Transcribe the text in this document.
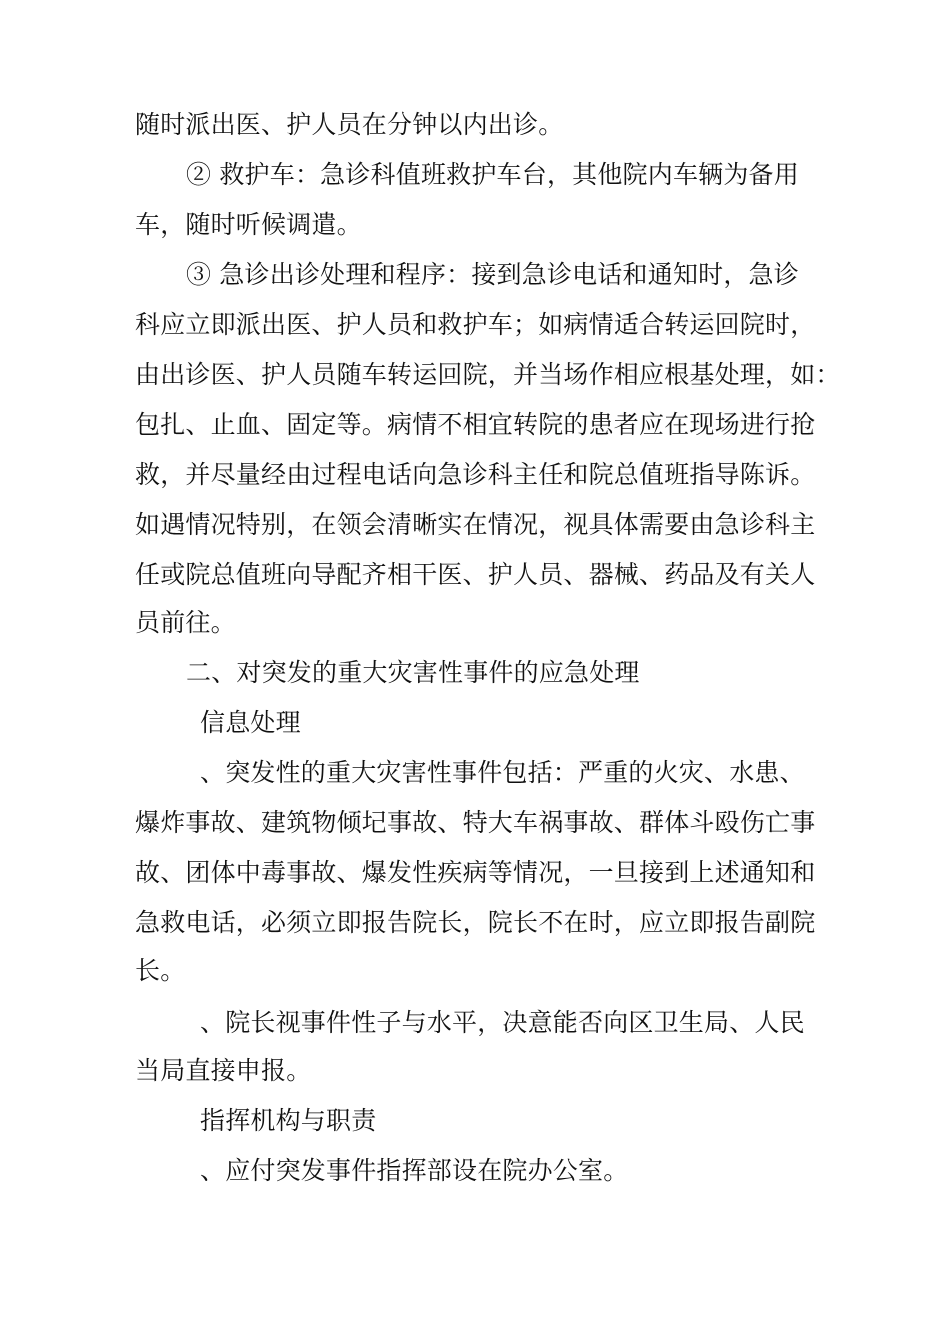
随时派出医、护人员在分钟以内出诊。
② 救护车：急诊科值班救护车台，其他院内车辆为备用
车，随时听候调遣。
③ 急诊出诊处理和程序：接到急诊电话和通知时，急诊
科应立即派出医、护人员和救护车；如病情适合转运回院时，
由出诊医、护人员随车转运回院，并当场作相应根基处理，如：
包扎、止血、固定等。病情不相宜转院的患者应在现场进行抢
救，并尽量经由过程电话向急诊科主任和院总值班指导陈诉。
如遇情况特别，在领会清晰实在情况，视具体需要由急诊科主
任或院总值班向导配齐相干医、护人员、器械、药品及有关人
员前往。
二、对突发的重大灾害性事件的应急处理
信息处理
、突发性的重大灾害性事件包括：严重的火灾、水患、
爆炸事故、建筑物倾圮事故、特大车祸事故、群体斗殴伤亡事
故、团体中毒事故、爆发性疾病等情况，一旦接到上述通知和
急救电话，必须立即报告院长，院长不在时，应立即报告副院
长。
、院长视事件性子与水平，决意能否向区卫生局、人民
当局直接申报。
指挥机构与职责
、应付突发事件指挥部设在院办公室。
